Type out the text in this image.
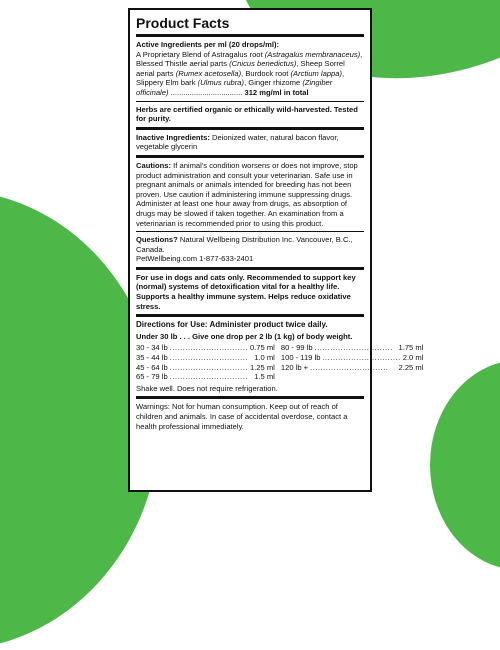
Product Facts
Active Ingredients per ml (20 drops/ml):
A Proprietary Blend of Astragalus root (Astragalus membranaceus), Blessed Thistle aerial parts (Cnicus benedictus), Sheep Sorrel aerial parts (Rumex acetosella), Burdock root (Arctium lappa), Slippery Elm bark (Ulmus rubra), Ginger rhizome (Zingiber officinale) .................................. 312 mg/ml in total
Herbs are certified organic or ethically wild-harvested. Tested for purity.
Inactive Ingredients: Deionized water, natural bacon flavor, vegetable glycerin
Cautions: If animal's condition worsens or does not improve, stop product administration and consult your veterinarian. Safe use in pregnant animals or animals intended for breeding has not been proven. Use caution if administering immune suppressing drugs. Administer at least one hour away from drugs, as absorption of drugs may be slowed if taken together. An examination from a veterinarian is recommended prior to using this product.
Questions? Natural Wellbeing Distribution Inc. Vancouver, B.C., Canada.
PetWellbeing.com 1-877-633-2401
For use in dogs and cats only. Recommended to support key (normal) systems of detoxification vital for a healthy life. Supports a healthy immune system. Helps reduce oxidative stress.
Directions for Use: Administer product twice daily.
Under 30 lb . . . Give one drop per 2 lb (1 kg) of body weight.
30 - 34 lb .............................. 0.75 ml
35 - 44 lb .............................. 1.0 ml
45 - 64 lb .............................. 1.25 ml
65 - 79 lb .............................. 1.5 ml
80 - 99 lb .............................. 1.75 ml
100 - 119 lb .............................. 2.0 ml
120 lb + ..............................	2.25 ml
Shake well. Does not require refrigeration.
Warnings: Not for human consumption. Keep out of reach of children and animals. In case of accidental overdose, contact a health professional immediately.
